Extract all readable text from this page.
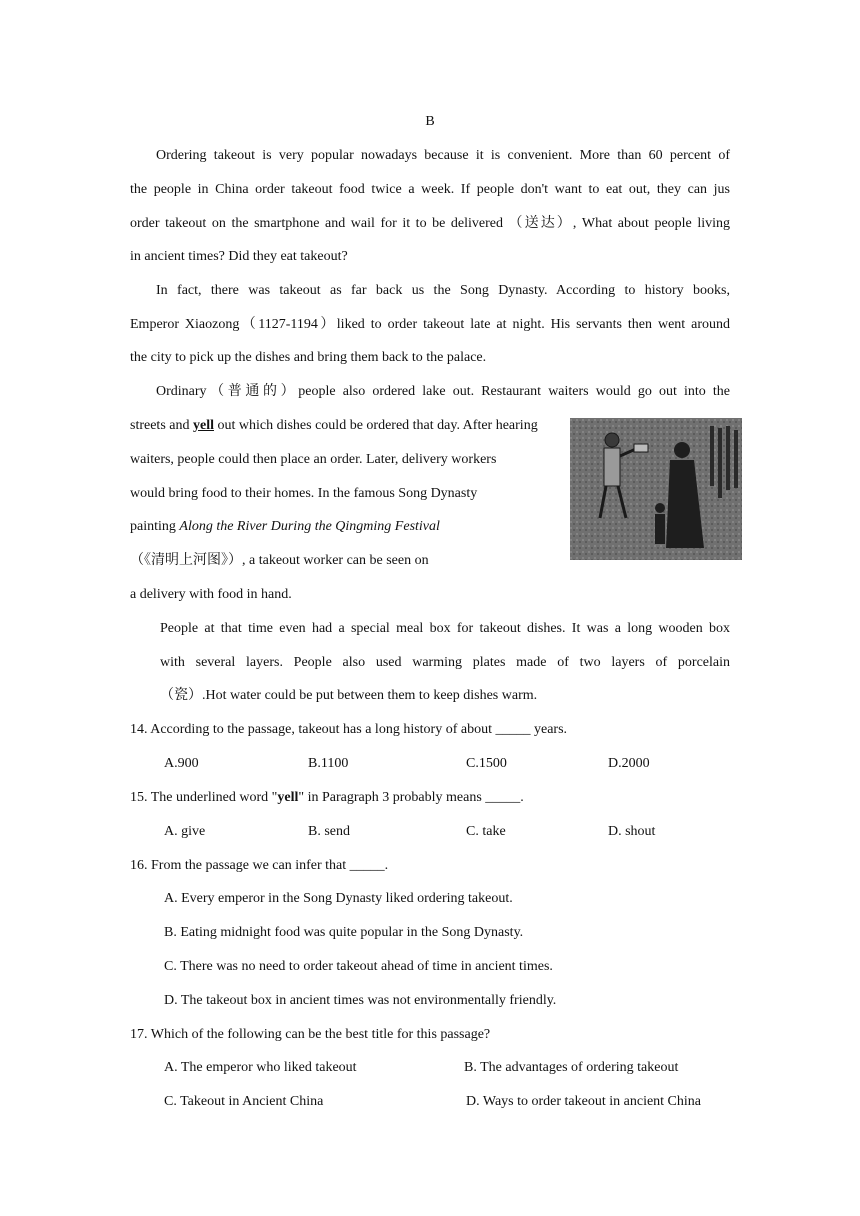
B
Ordering takeout is very popular nowadays because it is convenient. More than 60 percent of
the people in China order takeout food twice a week. If people don't want to eat out, they can jus
order takeout on the smartphone and wail for it to be delivered （送达）, What about people living
in ancient times? Did they eat takeout?
In fact, there was takeout as far back us the Song Dynasty. According to history books,
Emperor Xiaozong（1127-1194）liked to order takeout late at night. His servants then went around
the city to pick up the dishes and bring them back to the palace.
Ordinary（普通的）people also ordered lake out. Restaurant waiters would go out into the
streets and yell out which dishes could be ordered that day. After hearing
waiters, people could then place an order. Later, delivery workers
would bring food to their homes. In the famous Song Dynasty
painting Along the River During the Qingming Festival
（《清明上河图》）, a takeout worker can be seen on
a delivery with food in hand.
People at that time even had a special meal box for takeout dishes. It was a long wooden box
with several layers. People also used warming plates made of two layers of porcelain
（瓷）.Hot water could be put between them to keep dishes warm.
14. According to the passage, takeout has a long history of about _____ years.
A.900	B.1100	C.1500	D.2000
15. The underlined word "yell" in Paragraph 3 probably means _____.
A. give	B. send	C. take	D. shout
16. From the passage we can infer that _____.
A. Every emperor in the Song Dynasty liked ordering takeout.
B. Eating midnight food was quite popular in the Song Dynasty.
C. There was no need to order takeout ahead of time in ancient times.
D. The takeout box in ancient times was not environmentally friendly.
17. Which of the following can be the best title for this passage?
A. The emperor who liked takeout	B. The advantages of ordering takeout
C. Takeout in Ancient China	D. Ways to order takeout in ancient China
